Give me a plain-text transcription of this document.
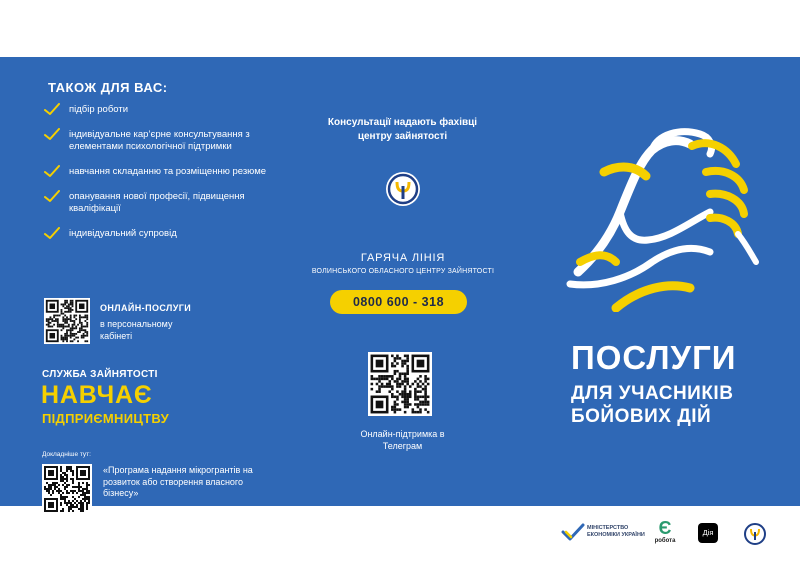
ТАКОЖ ДЛЯ ВАС:
підбір роботи
індивідуальне кар’єрне консультування з елементами психологічної підтримки
навчання складанню та розміщенню резюме
опанування нової професії, підвищення кваліфікації
індивідуальний супровід
ОНЛАЙН-ПОСЛУГИ
в персональному кабінеті
СЛУЖБА ЗАЙНЯТОСТІ
НАВЧАЄ
ПІДПРИЄМНИЦТВУ
Докладніше тут:
«Програма надання мікрогрантів на розвиток або створення власного бізнесу»
Консультації надають фахівці центру зайнятості
ГАРЯЧА ЛІНІЯ
ВОЛИНСЬКОГО ОБЛАСНОГО ЦЕНТРУ ЗАЙНЯТОСТІ
0800 600 - 318
Онлайн-підтримка в Телеграм
ПОСЛУГИ
ДЛЯ УЧАСНИКІВ БОЙОВИХ ДІЙ
МІНІСТЕРСТВО ЕКОНОМІКИ УКРАЇНИ Є
робота
Дія
